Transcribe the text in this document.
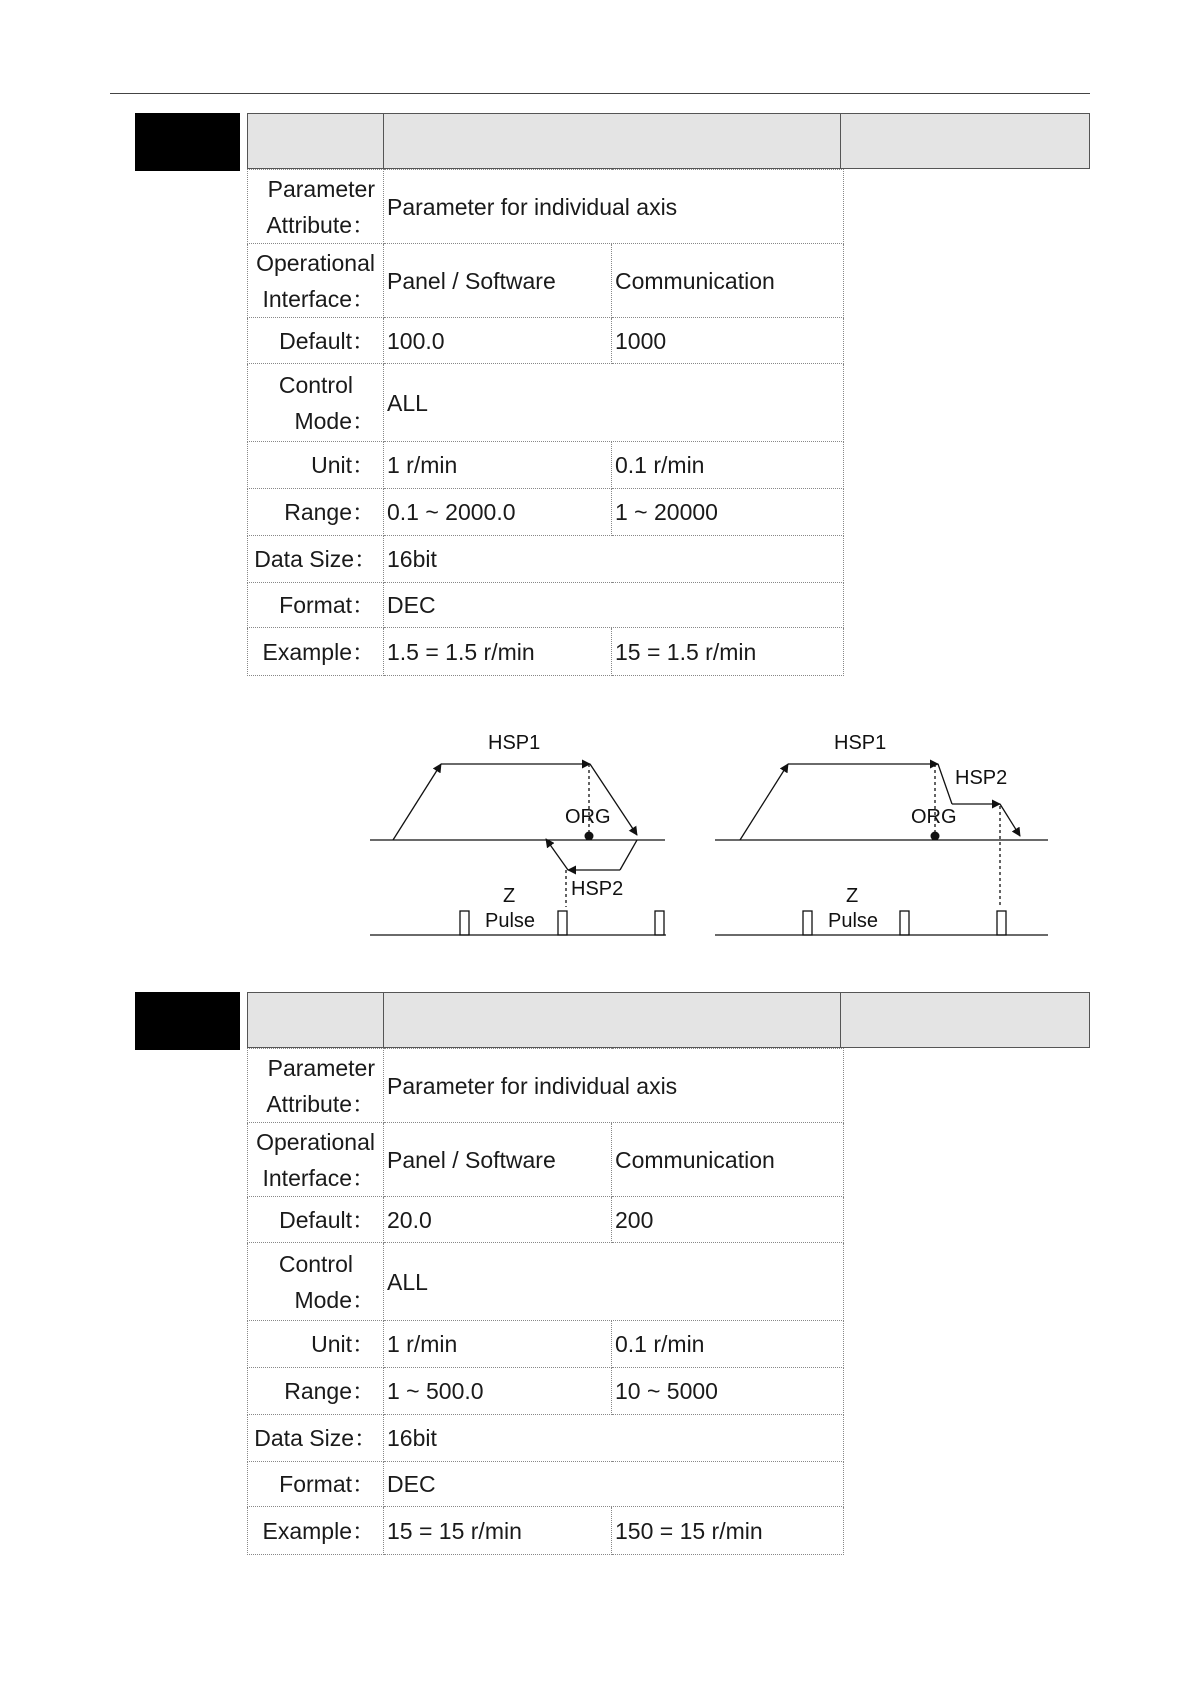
Parameter
Attribute：	Parameter for individual axis	

Operational
Interface：	Panel / Software	Communication
Default：	100.0	1000

Control
Mode：	ALL	
Unit：	1 r/min	0.1 r/min
Range：	0.1 ~ 2000.0	1 ~ 20000
Data Size：	16bit	
Format：	DEC	
Example：	1.5 = 1.5 r/min	15 = 1.5 r/min
HSP1
ORG
HSP2
Z
Pulse
HSP1
HSP2
ORG
Z
Pulse
Parameter
Attribute：	Parameter for individual axis	

Operational
Interface：	Panel / Software	Communication
Default：	20.0	200

Control
Mode：	ALL	
Unit：	1 r/min	0.1 r/min
Range：	1 ~ 500.0	10 ~ 5000
Data Size：	16bit	
Format：	DEC	
Example：	15 = 15 r/min	150 = 15 r/min
